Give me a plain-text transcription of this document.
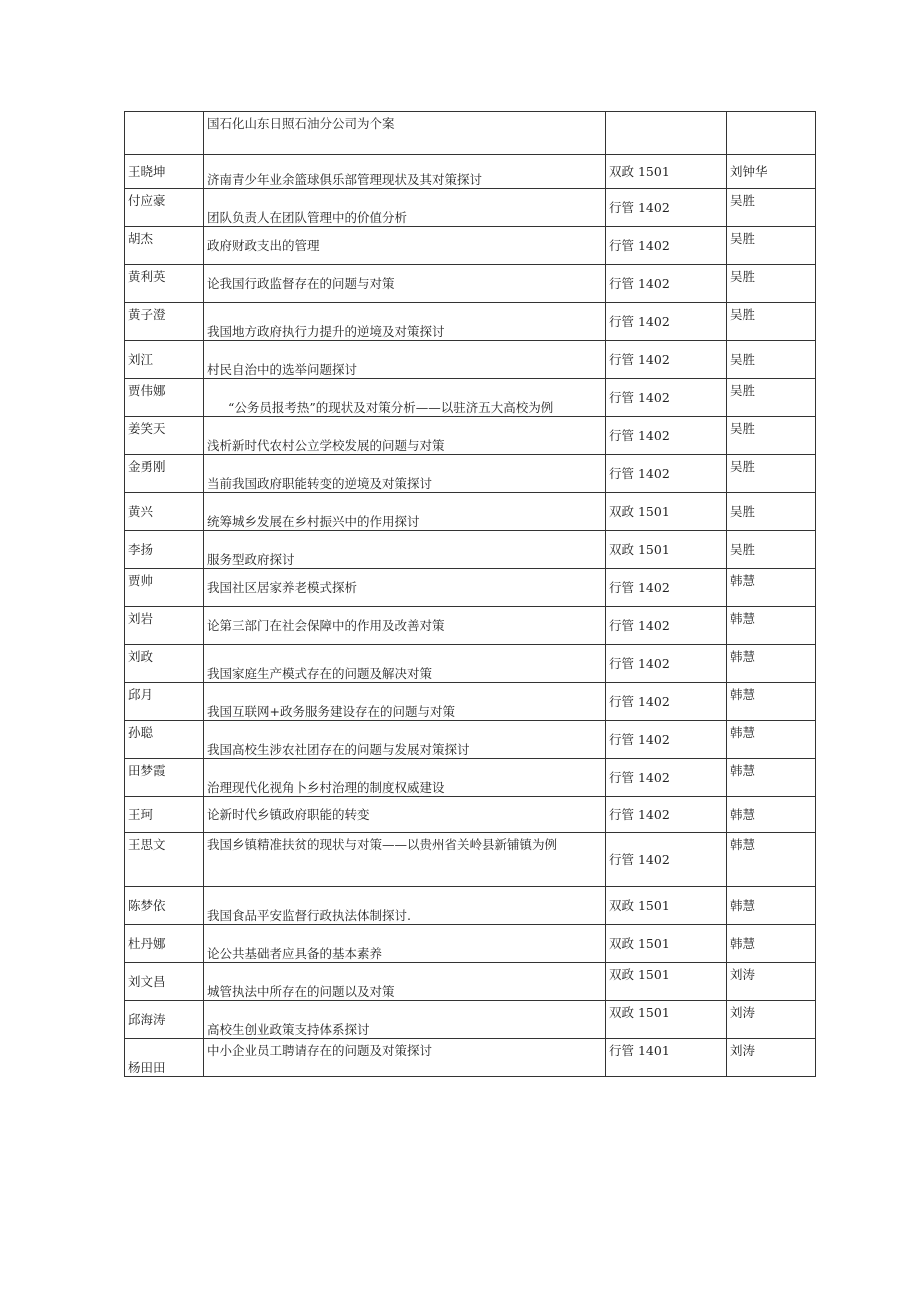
	国石化山东日照石油分公司为个案		
王晓坤	济南青少年业余篮球俱乐部管理现状及其对策探讨	双政 1501	刘钟华
付应豪	团队负责人在团队管理中的价值分析	行管 1402	吴胜
胡杰	政府财政支出的管理	行管 1402	吴胜
黄利英	论我国行政监督存在的问题与对策	行管 1402	吴胜
黄子澄	我国地方政府执行力提升的逆境及对策探讨	行管 1402	吴胜
刘江	村民自治中的选举问题探讨	行管 1402	吴胜
贾伟娜	“公务员报考热”的现状及对策分析——以驻济五大高校为例	行管 1402	吴胜
姜笑天	浅析新时代农村公立学校发展的问题与对策	行管 1402	吴胜
金勇刚	当前我国政府职能转变的逆境及对策探讨	行管 1402	吴胜
黄兴	统筹城乡发展在乡村振兴中的作用探讨	双政 1501	吴胜
李扬	服务型政府探讨	双政 1501	吴胜
贾帅	我国社区居家养老模式探析	行管 1402	韩慧
刘岩	论第三部门在社会保障中的作用及改善对策	行管 1402	韩慧
刘政	我国家庭生产模式存在的问题及解决对策	行管 1402	韩慧
邱月	我国互联网+政务服务建设存在的问题与对策	行管 1402	韩慧
孙聪	我国高校生涉农社团存在的问题与发展对策探讨	行管 1402	韩慧
田梦霞	治理现代化视角卜乡村治理的制度权威建设	行管 1402	韩慧
王珂	论新时代乡镇政府职能的转变	行管 1402	韩慧
王思文	我国乡镇精准扶贫的现状与对策——以贵州省关岭县新铺镇为例	行管 1402	韩慧
陈梦依	我国食品平安监督行政执法体制探讨.	双政 1501	韩慧
杜丹娜	论公共基础者应具备的基本素养	双政 1501	韩慧
刘文昌	城管执法中所存在的问题以及对策	双政 1501	刘涛
邱海涛	高校生创业政策支持体系探讨	双政 1501	刘涛
杨田田	中小企业员工聘请存在的问题及对策探讨	行管 1401	刘涛
